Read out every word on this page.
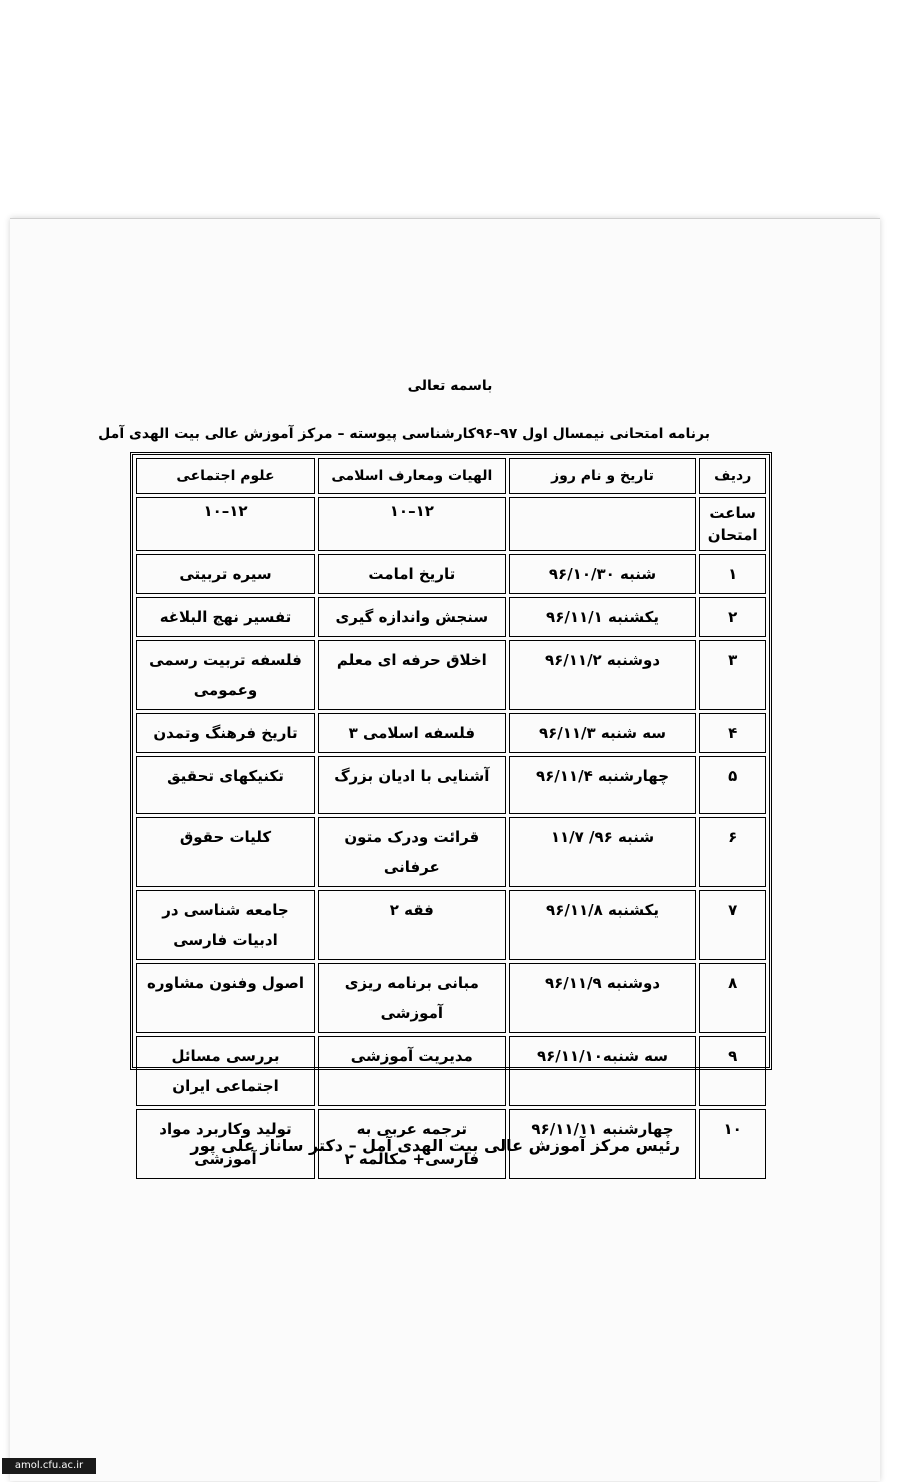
باسمه تعالی
برنامه امتحانی نیمسال اول ۹۷–۹۶کارشناسی پیوسته – مرکز آموزش عالی بیت الهدی آمل
ردیف	تاریخ و نام روز	الهیات ومعارف اسلامی	علوم اجتماعی
ساعت امتحان		۱۲–۱۰	۱۲–۱۰
۱	شنبه ۹۶/۱۰/۳۰	تاریخ امامت	سیره تربیتی
۲	یکشنبه ۹۶/۱۱/۱	سنجش واندازه گیری	تفسیر نهج البلاغه
۳	دوشنبه ۹۶/۱۱/۲	اخلاق حرفه ای معلم	فلسفه تربیت رسمی وعمومی
۴	سه شنبه ۹۶/۱۱/۳	فلسفه اسلامی ۳	تاریخ فرهنگ وتمدن
۵	چهارشنبه ۹۶/۱۱/۴	آشنایی با ادیان بزرگ	تکنیکهای تحقیق
۶	شنبه ۹۶/ ۱۱/۷	قرائت ودرک متون عرفانی	کلیات حقوق
۷	یکشنبه ۹۶/۱۱/۸	فقه ۲	جامعه شناسی در ادبیات فارسی
۸	دوشنبه ۹۶/۱۱/۹	مبانی برنامه ریزی آموزشی	اصول وفنون مشاوره
۹	سه شنبه۹۶/۱۱/۱۰	مدیریت آموزشی	بررسی مسائل اجتماعی ایران
۱۰	چهارشنبه ۹۶/۱۱/۱۱	ترجمه عربی به فارسی+ مکالمه ۲	تولید وکاربرد مواد آموزشی
رئیس مرکز آموزش عالی بیت الهدی آمل – دکتر ساناز علی پور
amol.cfu.ac.ir
